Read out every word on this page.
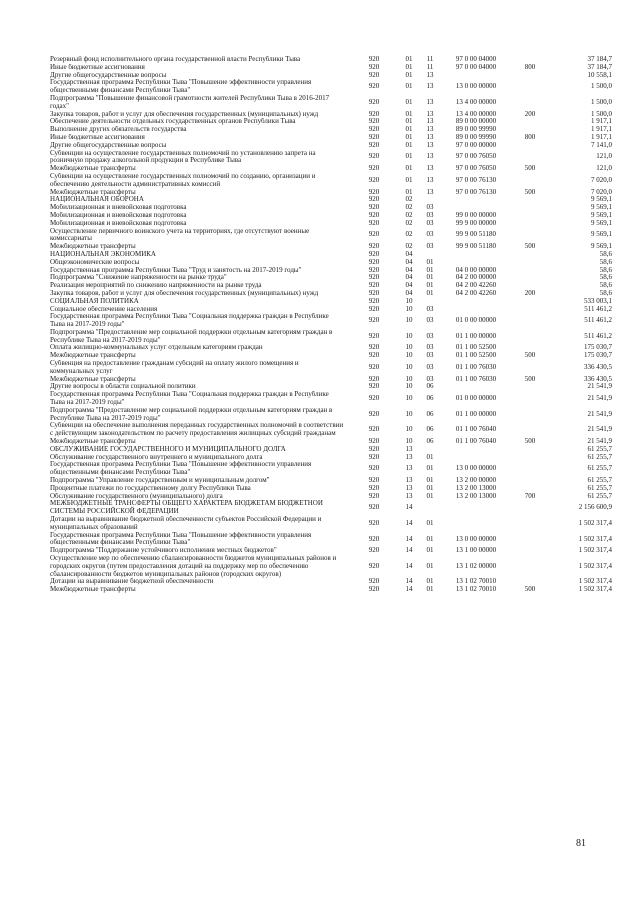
Резервный фонд исполнительного органа государственной власти Республики Тыва	920	01	11	97 0 00 04000		37 184,7
Иные бюджетные ассигнования	920	01	11	97 0 00 04000	800	37 184,7
Другие общегосударственные вопросы	920	01	13			10 558,1
Государственная программа Республики Тыва "Повышение эффективности управления общественными финансами Республики Тыва"	920	01	13	13 0 00 00000		1 500,0
Подпрограмма "Повышение финансовой грамотности жителей Республики Тыва в 2016-2017 годах"	920	01	13	13 4 00 00000		1 500,0
Закупка товаров, работ и услуг для обеспечения государственных (муниципальных) нужд	920	01	13	13 4 00 00000	200	1 500,0
Обеспечение деятельности отдельных государственных органов Республики Тыва	920	01	13	89 0 00 00000		1 917,1
Выполнение других обязательств государства	920	01	13	89 0 00 99990		1 917,1
Иные бюджетные ассигнования	920	01	13	89 0 00 99990	800	1 917,1
Другие общегосударственные вопросы	920	01	13	97 0 00 00000		7 141,0
Субвенции на осуществление государственных полномочий по установлению запрета на розничную продажу алкогольной продукции в Республике Тыва	920	01	13	97 0 00 76050		121,0
Межбюджетные трансферты	920	01	13	97 0 00 76050	500	121,0
Субвенции на осуществление государственных полномочий по созданию, организации и обеспечению деятельности административных комиссий	920	01	13	97 0 00 76130		7 020,0
Межбюджетные трансферты	920	01	13	97 0 00 76130	500	7 020,0
НАЦИОНАЛЬНАЯ ОБОРОНА	920	02				9 569,1
Мобилизационная и вневойсковая подготовка	920	02	03			9 569,1
Мобилизационная и вневойсковая подготовка	920	02	03	99 0 00 00000		9 569,1
Мобилизационная и вневойсковая подготовка	920	02	03	99 9 00 00000		9 569,1
Осуществление первичного воинского учета на территориях, где отсутствуют военные комиссариаты	920	02	03	99 9 00 51180		9 569,1
Межбюджетные трансферты	920	02	03	99 9 00 51180	500	9 569,1
НАЦИОНАЛЬНАЯ ЭКОНОМИКА	920	04				58,6
Общеэкономические вопросы	920	04	01			58,6
Государственная программа Республики Тыва "Труд и занятость на 2017-2019 годы"	920	04	01	04 0 00 00000		58,6
Подпрограмма "Снижение напряженности на рынке труда"	920	04	01	04 2 00 00000		58,6
Реализация мероприятий по снижению напряженности на рынке труда	920	04	01	04 2 00 42260		58,6
Закупка товаров, работ и услуг для обеспечения государственных (муниципальных) нужд	920	04	01	04 2 00 42260	200	58,6
СОЦИАЛЬНАЯ ПОЛИТИКА	920	10				533 003,1
Социальное обеспечение населения	920	10	03			511 461,2
Государственная программа Республики Тыва "Социальная поддержка граждан в Республике Тыва на 2017-2019 годы"	920	10	03	01 0 00 00000		511 461,2
Подпрограмма "Предоставление мер социальной поддержки отдельным категориям граждан в Республике Тыва на 2017-2019 годы"	920	10	03	01 1 00 00000		511 461,2
Оплата жилищно-коммунальных услуг отдельным категориям граждан	920	10	03	01 1 00 52500		175 030,7
Межбюджетные трансферты	920	10	03	01 1 00 52500	500	175 030,7
Субвенция на предоставление гражданам субсидий на оплату жилого помещения и коммунальных услуг	920	10	03	01 1 00 76030		336 430,5
Межбюджетные трансферты	920	10	03	01 1 00 76030	500	336 430,5
Другие вопросы в области социальной политики	920	10	06			21 541,9
Государственная программа Республики Тыва "Социальная поддержка граждан в Республике Тыва на 2017-2019 годы"	920	10	06	01 0 00 00000		21 541,9
Подпрограмма "Предоставление мер социальной поддержки отдельным категориям граждан в Республике Тыва на 2017-2019 годы"	920	10	06	01 1 00 00000		21 541,9
Субвенции на обеспечение выполнения переданных государственных полномочий в соответствии с действующим законодательством по расчету предоставления жилищных субсидий гражданам	920	10	06	01 1 00 76040		21 541,9
Межбюджетные трансферты	920	10	06	01 1 00 76040	500	21 541,9
ОБСЛУЖИВАНИЕ ГОСУДАРСТВЕННОГО И МУНИЦИПАЛЬНОГО ДОЛГА	920	13				61 255,7
Обслуживание государственного внутреннего и муниципального долга	920	13	01			61 255,7
Государственная программа Республики Тыва "Повышение эффективности управления общественными финансами Республики Тыва"	920	13	01	13 0 00 00000		61 255,7
Подпрограмма "Управление государственным и муниципальным долгом"	920	13	01	13 2 00 00000		61 255,7
Процентные платежи по государственному долгу Республики Тыва	920	13	01	13 2 00 13000		61 255,7
Обслуживание государственного (муниципального) долга	920	13	01	13 2 00 13000	700	61 255,7
МЕЖБЮДЖЕТНЫЕ ТРАНСФЕРТЫ ОБЩЕГО ХАРАКТЕРА БЮДЖЕТАМ БЮДЖЕТНОЙ СИСТЕМЫ РОССИЙСКОЙ ФЕДЕРАЦИИ	920	14				2 156 600,9
Дотации на выравнивание бюджетной обеспеченности субъектов Российской Федерации и муниципальных образований	920	14	01			1 502 317,4
Государственная программа Республики Тыва "Повышение эффективности управления общественными финансами Республики Тыва"	920	14	01	13 0 00 00000		1 502 317,4
Подпрограмма "Поддержание устойчивого исполнения местных бюджетов"	920	14	01	13 1 00 00000		1 502 317,4
Осуществление мер по обеспечению сбалансированности бюджетов муниципальных районов и городских округов (путем предоставления дотаций на поддержку мер по обеспечению сбалансированности бюджетов муниципальных районов (городских округов)	920	14	01	13 1 02 00000		1 502 317,4
Дотации на выравнивание бюджетной обеспеченности	920	14	01	13 1 02 70010		1 502 317,4
Межбюджетные трансферты	920	14	01	13 1 02 70010	500	1 502 317,4
81
